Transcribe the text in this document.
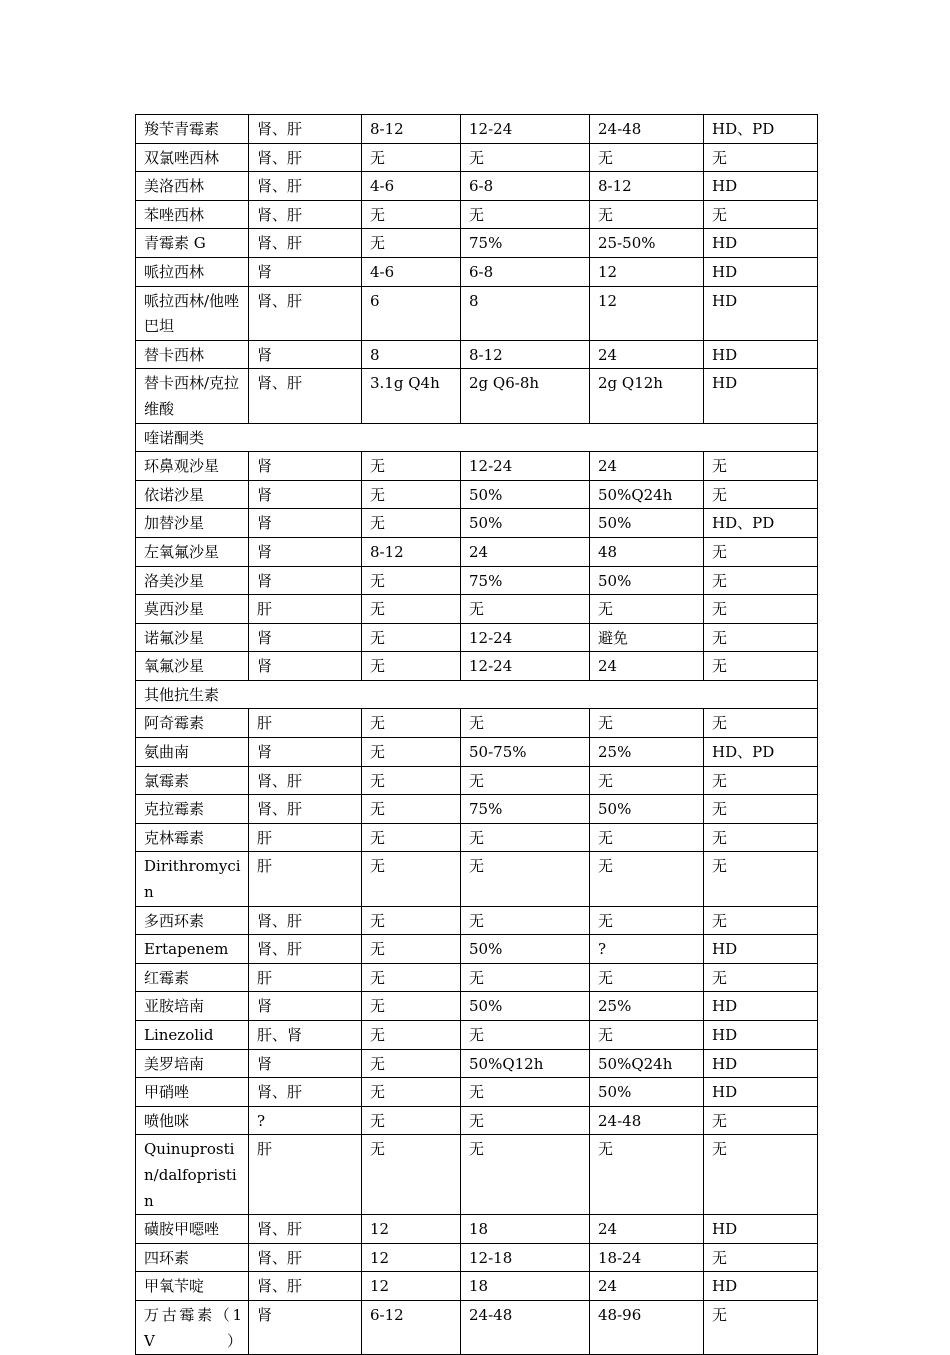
羧苄青霉素	肾、肝	8-12	12-24	24-48	HD、PD
双氯唑西林	肾、肝	无	无	无	无
美洛西林	肾、肝	4-6	6-8	8-12	HD
苯唑西林	肾、肝	无	无	无	无
青霉素 G	肾、肝	无	75%	25-50%	HD
哌拉西林	肾	4-6	6-8	12	HD
哌拉西林/他唑巴坦	肾、肝	6	8	12	HD
替卡西林	肾	8	8-12	24	HD
替卡西林/克拉维酸	肾、肝	3.1g Q4h	2g Q6-8h	2g Q12h	HD
喹诺酮类					
环鼻观沙星	肾	无	12-24	24	无
依诺沙星	肾	无	50%	50%Q24h	无
加替沙星	肾	无	50%	50%	HD、PD
左氧氟沙星	肾	8-12	24	48	无
洛美沙星	肾	无	75%	50%	无
莫西沙星	肝	无	无	无	无
诺氟沙星	肾	无	12-24	避免	无
氧氟沙星	肾	无	12-24	24	无
其他抗生素					
阿奇霉素	肝	无	无	无	无
氨曲南	肾	无	50-75%	25%	HD、PD
氯霉素	肾、肝	无	无	无	无
克拉霉素	肾、肝	无	75%	50%	无
克林霉素	肝	无	无	无	无
Dirithromycin	肝	无	无	无	无
多西环素	肾、肝	无	无	无	无
Ertapenem	肾、肝	无	50%	?	HD
红霉素	肝	无	无	无	无
亚胺培南	肾	无	50%	25%	HD
Linezolid	肝、肾	无	无	无	HD
美罗培南	肾	无	50%Q12h	50%Q24h	HD
甲硝唑	肾、肝	无	无	50%	HD
喷他咪	?	无	无	24-48	无
Quinuprostin/dalfopristin	肝	无	无	无	无
磺胺甲噁唑	肾、肝	12	18	24	HD
四环素	肾、肝	12	12-18	18-24	无
甲氧苄啶	肾、肝	12	18	24	HD
万古霉素（1V）	肾	6-12	24-48	48-96	无
